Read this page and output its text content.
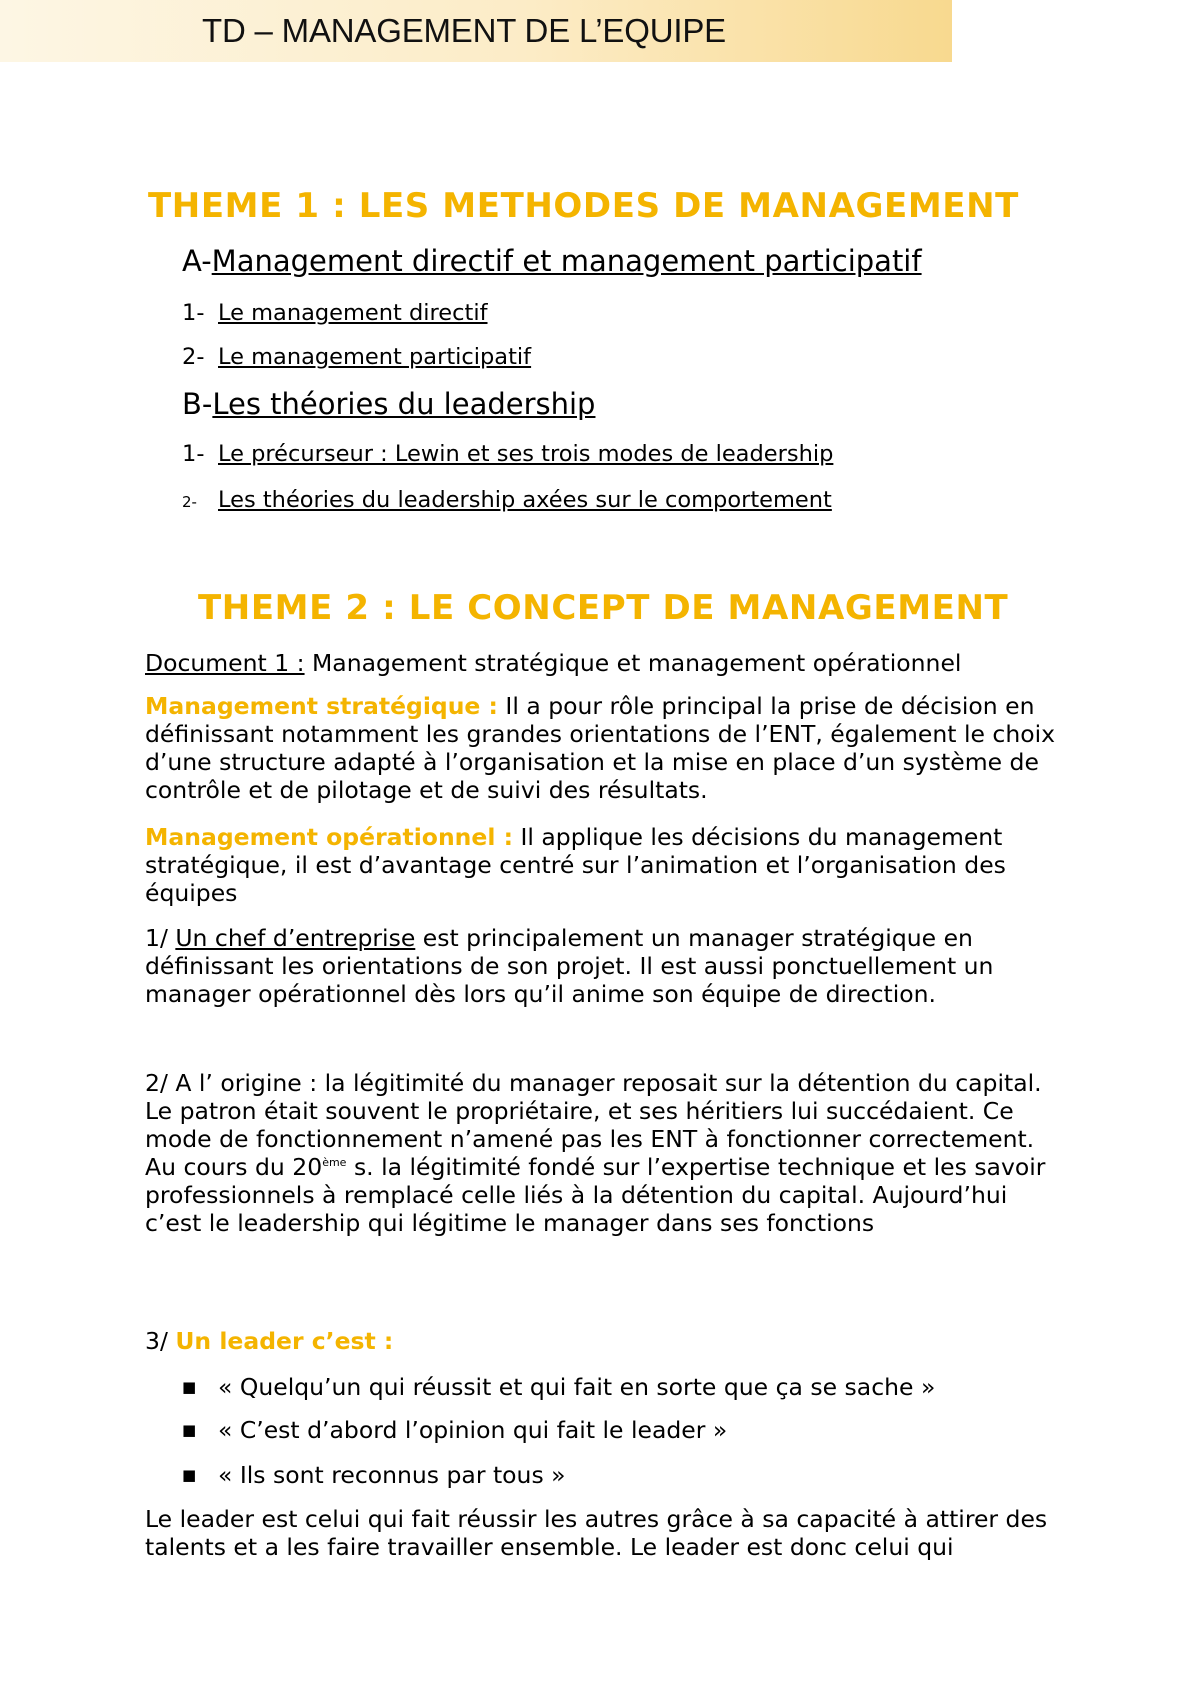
TD – MANAGEMENT DE L’EQUIPE
THEME 1 : LES METHODES DE MANAGEMENT
A-Management directif et management participatif
1- Le management directif
2- Le management participatif
B-Les théories du leadership
1- Le précurseur : Lewin et ses trois modes de leadership
2- Les théories du leadership axées sur le comportement
THEME 2 : LE CONCEPT DE MANAGEMENT
Document 1 : Management stratégique et management opérationnel
Management stratégique : Il a pour rôle principal la prise de décision en définissant notamment les grandes orientations de l’ENT, également le choix d’une structure adapté à l’organisation et la mise en place d’un système de contrôle et de pilotage et de suivi des résultats.
Management opérationnel : Il applique les décisions du management stratégique, il est d’avantage centré sur l’animation et l’organisation des équipes
1/ Un chef d’entreprise est principalement un manager stratégique en définissant les orientations de son projet. Il est aussi ponctuellement un manager opérationnel dès lors qu’il anime son équipe de direction.
2/ A l’ origine : la légitimité du manager reposait sur la détention du capital. Le patron était souvent le propriétaire, et ses héritiers lui succédaient. Ce mode de fonctionnement n’amené pas les ENT à fonctionner correctement. Au cours du 20ème s. la légitimité fondé sur l’expertise technique et les savoir professionnels à remplacé celle liés à la détention du capital. Aujourd’hui c’est le leadership qui légitime le manager dans ses fonctions
3/ Un leader c’est :
■ « Quelqu’un qui réussit et qui fait en sorte que ça se sache »
■ « C’est d’abord l’opinion qui fait le leader »
■ « Ils sont reconnus par tous »
Le leader est celui qui fait réussir les autres grâce à sa capacité à attirer des talents et a les faire travailler ensemble. Le leader est donc celui qui
